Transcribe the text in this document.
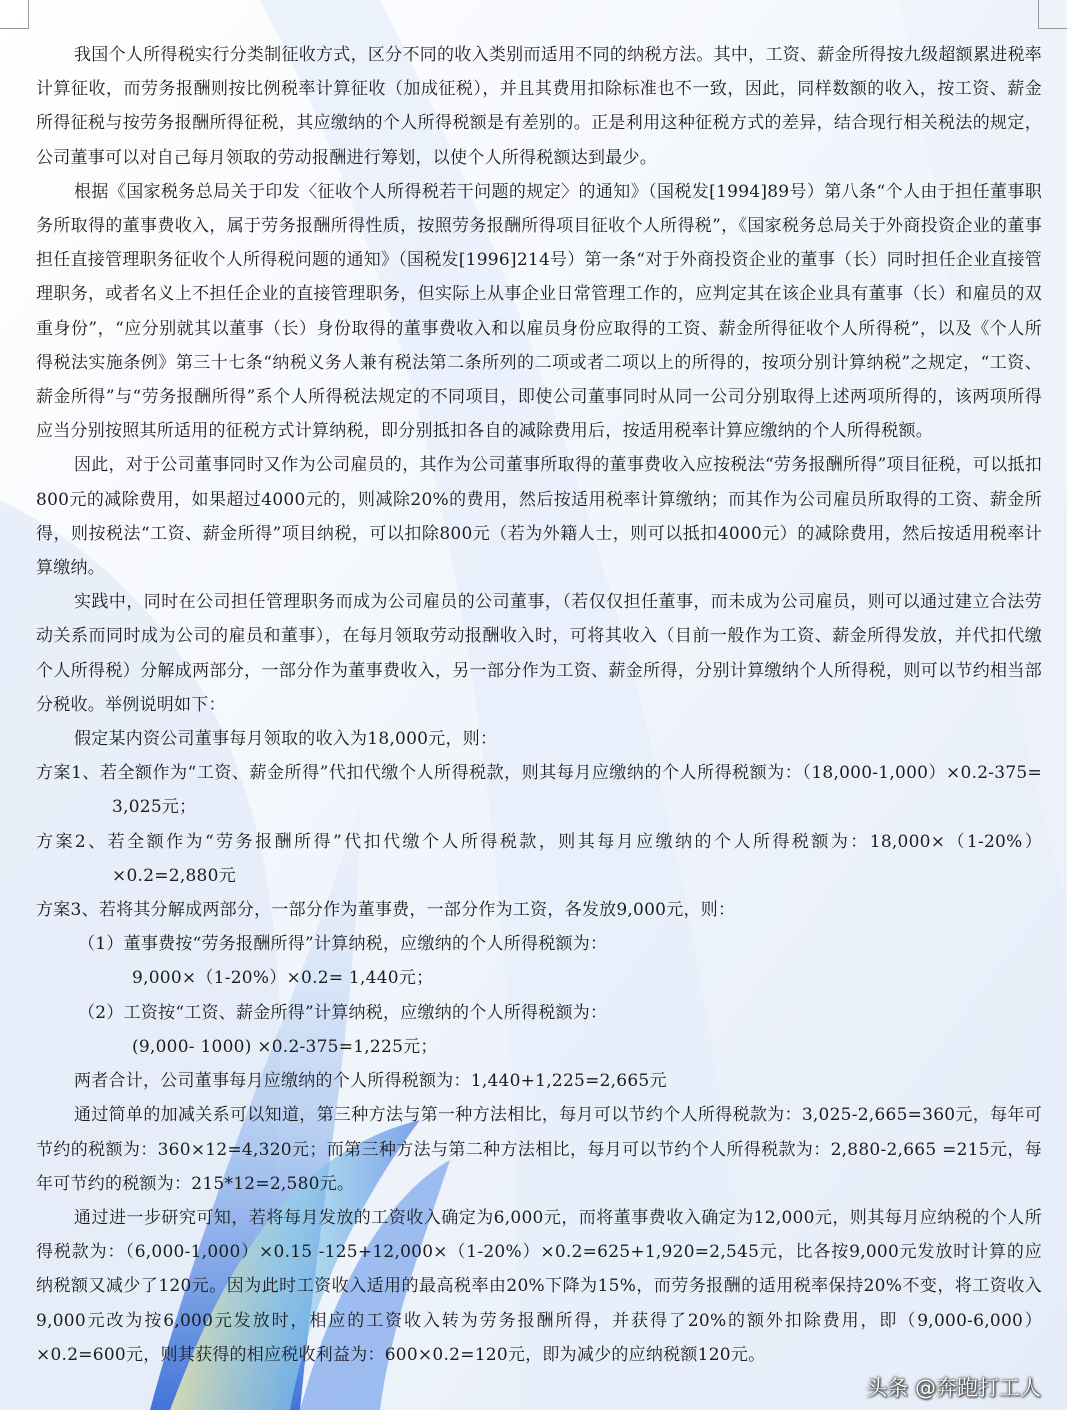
我国个人所得税实行分类制征收方式，区分不同的收入类别而适用不同的纳税方法。其中，工资、薪金所得按九级超额累进税率计算征收，而劳务报酬则按比例税率计算征收（加成征税），并且其费用扣除标准也不一致，因此，同样数额的收入，按工资、薪金所得征税与按劳务报酬所得征税，其应缴纳的个人所得税额是有差别的。正是利用这种征税方式的差异，结合现行相关税法的规定，公司董事可以对自己每月领取的劳动报酬进行筹划，以使个人所得税额达到最少。

根据《国家税务总局关于印发〈征收个人所得税若干问题的规定〉的通知》（国税发[1994]89号）第八条“个人由于担任董事职务所取得的董事费收入，属于劳务报酬所得性质，按照劳务报酬所得项目征收个人所得税”，《国家税务总局关于外商投资企业的董事担任直接管理职务征收个人所得税问题的通知》（国税发[1996]214号）第一条“对于外商投资企业的董事（长）同时担任企业直接管理职务，或者名义上不担任企业的直接管理职务，但实际上从事企业日常管理工作的，应判定其在该企业具有董事（长）和雇员的双重身份”，“应分别就其以董事（长）身份取得的董事费收入和以雇员身份应取得的工资、薪金所得征收个人所得税”，以及《个人所得税法实施条例》第三十七条“纳税义务人兼有税法第二条所列的二项或者二项以上的所得的，按项分别计算纳税”之规定，“工资、薪金所得”与“劳务报酬所得”系个人所得税法规定的不同项目，即使公司董事同时从同一公司分别取得上述两项所得的，该两项所得应当分别按照其所适用的征税方式计算纳税，即分别抵扣各自的减除费用后，按适用税率计算应缴纳的个人所得税额。

因此，对于公司董事同时又作为公司雇员的，其作为公司董事所取得的董事费收入应按税法“劳务报酬所得”项目征税，可以抵扣800元的减除费用，如果超过4000元的，则减除20%的费用，然后按适用税率计算缴纳；而其作为公司雇员所取得的工资、薪金所得，则按税法“工资、薪金所得”项目纳税，可以扣除800元（若为外籍人士，则可以抵扣4000元）的减除费用，然后按适用税率计算缴纳。

实践中，同时在公司担任管理职务而成为公司雇员的公司董事，（若仅仅担任董事，而未成为公司雇员，则可以通过建立合法劳动关系而同时成为公司的雇员和董事），在每月领取劳动报酬收入时，可将其收入（目前一般作为工资、薪金所得发放，并代扣代缴个人所得税）分解成两部分，一部分作为董事费收入，另一部分作为工资、薪金所得，分别计算缴纳个人所得税，则可以节约相当部分税收。举例说明如下：

假定某内资公司董事每月领取的收入为18,000元，则：

方案1、若全额作为“工资、薪金所得”代扣代缴个人所得税款，则其每月应缴纳的个人所得税额为：（18,000-1,000）×0.2-375= 3,025元；

方案2、若全额作为“劳务报酬所得”代扣代缴个人所得税款，则其每月应缴纳的个人所得税额为：18,000×（1-20%）×0.2=2,880元

方案3、若将其分解成两部分，一部分作为董事费，一部分作为工资，各发放9,000元，则：

（1）董事费按“劳务报酬所得”计算纳税，应缴纳的个人所得税额为：

9,000×（1-20%）×0.2= 1,440元；

（2）工资按“工资、薪金所得”计算纳税，应缴纳的个人所得税额为：

(9,000- 1000) ×0.2-375=1,225元；

两者合计，公司董事每月应缴纳的个人所得税额为：1,440+1,225=2,665元

通过简单的加减关系可以知道，第三种方法与第一种方法相比，每月可以节约个人所得税款为：3,025-2,665=360元，每年可节约的税额为：360×12=4,320元；而第三种方法与第二种方法相比，每月可以节约个人所得税款为：2,880-2,665 =215元，每年可节约的税额为：215*12=2,580元。

通过进一步研究可知，若将每月发放的工资收入确定为6,000元，而将董事费收入确定为12,000元，则其每月应纳税的个人所得税款为：（6,000-1,000）×0.15 -125+12,000×（1-20%）×0.2=625+1,920=2,545元，比各按9,000元发放时计算的应纳税额又减少了120元。因为此时工资收入适用的最高税率由20%下降为15%，而劳务报酬的适用税率保持20%不变，将工资收入9,000元改为按6,000元发放时，相应的工资收入转为劳务报酬所得，并获得了20%的额外扣除费用，即（9,000-6,000）×0.2=600元，则其获得的相应税收利益为：600×0.2=120元，即为减少的应纳税额120元。

头条 @奔跑打工人
